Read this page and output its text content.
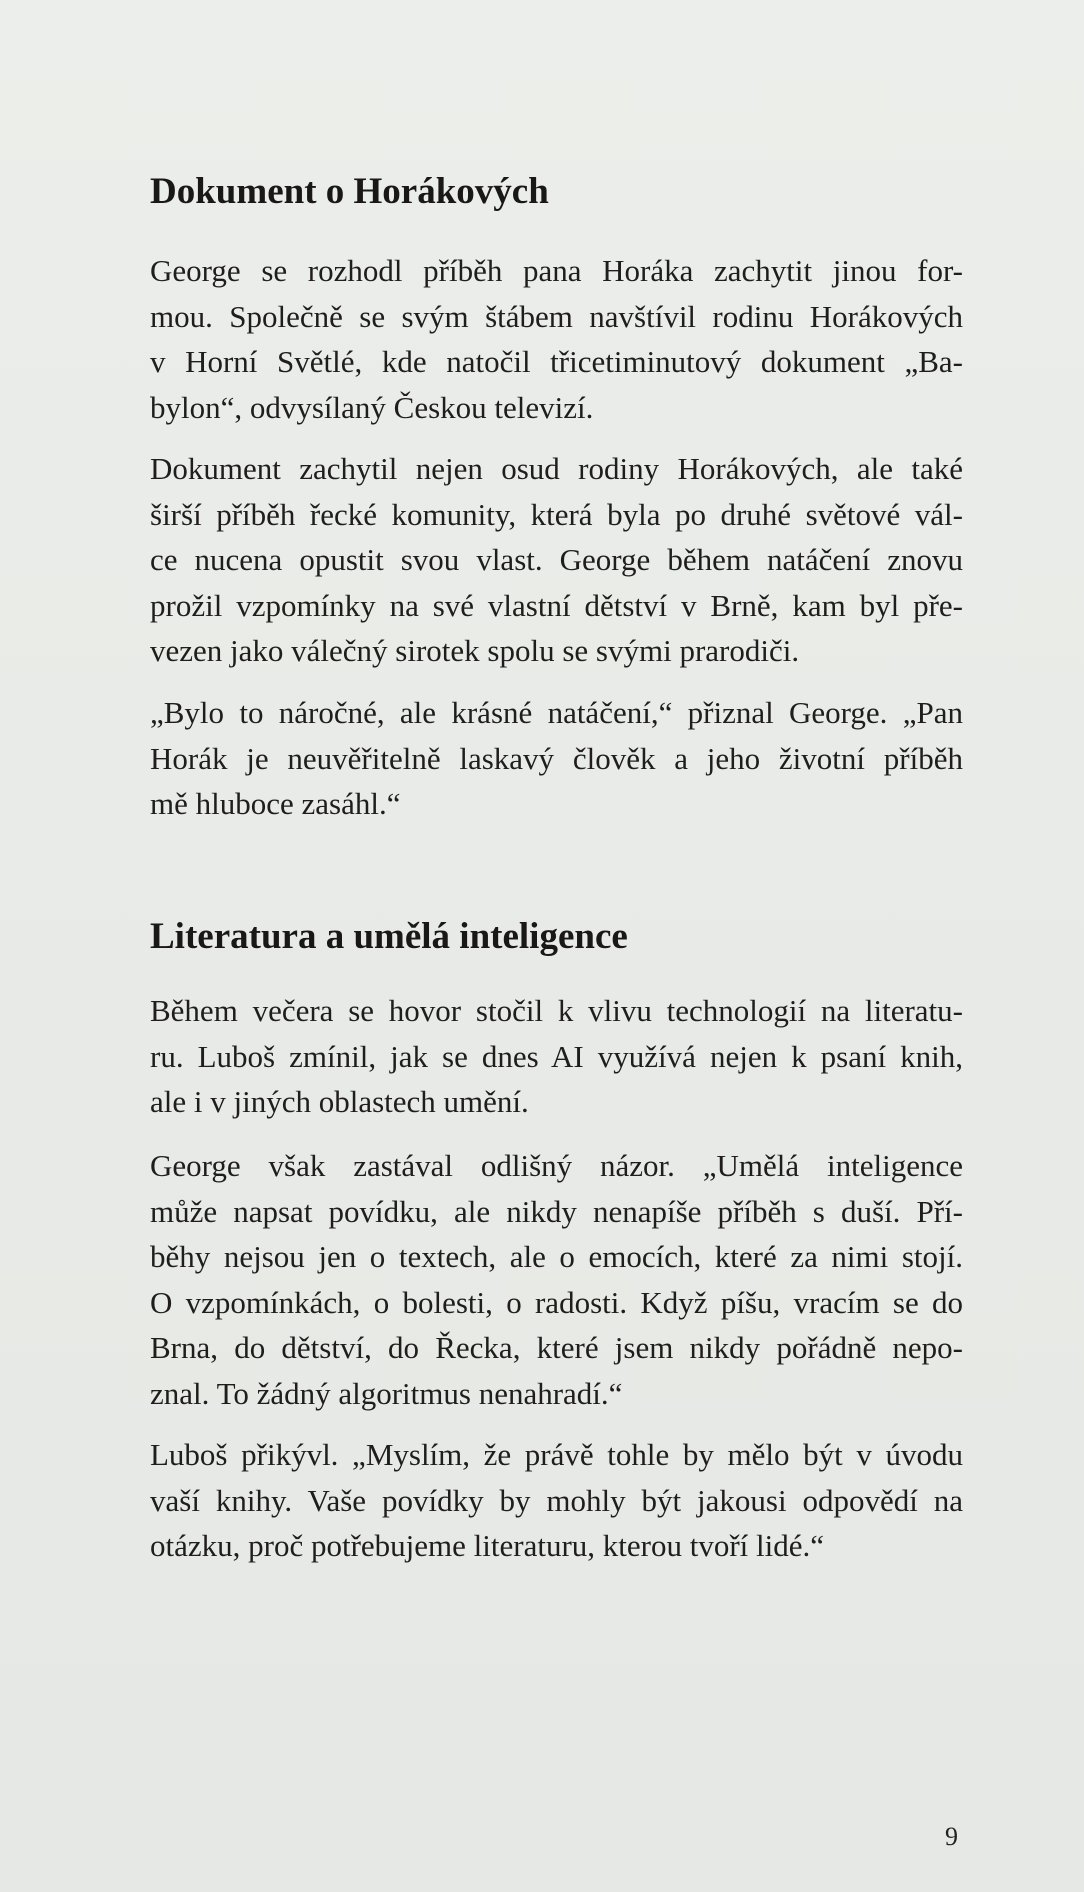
Dokument o Horákových
George se rozhodl příběh pana Horáka zachytit jinou for-
mou. Společně se svým štábem navštívil rodinu Horákových
v Horní Světlé, kde natočil třicetiminutový dokument „Ba-
bylon“, odvysílaný Českou televizí.
Dokument zachytil nejen osud rodiny Horákových, ale také
širší příběh řecké komunity, která byla po druhé světové vál-
ce nucena opustit svou vlast. George během natáčení znovu
prožil vzpomínky na své vlastní dětství v Brně, kam byl pře-
vezen jako válečný sirotek spolu se svými prarodiči.
„Bylo to náročné, ale krásné natáčení,“ přiznal George. „Pan
Horák je neuvěřitelně laskavý člověk a jeho životní příběh
mě hluboce zasáhl.“
Literatura a umělá inteligence
Během večera se hovor stočil k vlivu technologií na literatu-
ru. Luboš zmínil, jak se dnes AI využívá nejen k psaní knih,
ale i v jiných oblastech umění.
George však zastával odlišný názor. „Umělá inteligence
může napsat povídku, ale nikdy nenapíše příběh s duší. Pří-
běhy nejsou jen o textech, ale o emocích, které za nimi stojí.
O vzpomínkách, o bolesti, o radosti. Když píšu, vracím se do
Brna, do dětství, do Řecka, které jsem nikdy pořádně nepo-
znal. To žádný algoritmus nenahradí.“
Luboš přikývl. „Myslím, že právě tohle by mělo být v úvodu
vaší knihy. Vaše povídky by mohly být jakousi odpovědí na
otázku, proč potřebujeme literaturu, kterou tvoří lidé.“
9
